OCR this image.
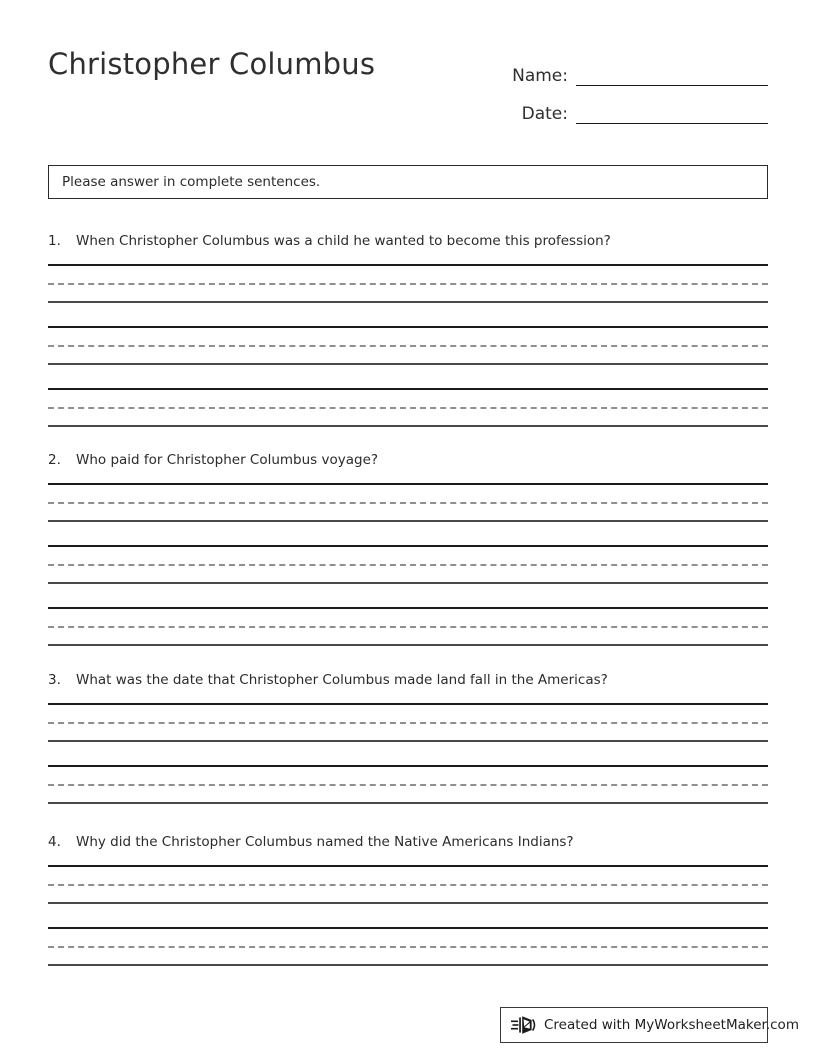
Christopher Columbus	Name:
Date:
Please answer in complete sentences.
1.	When Christopher Columbus was a child he wanted to become this profession?
2.	Who paid for Christopher Columbus voyage?
3.	What was the date that Christopher Columbus made land fall in the Americas?
4.	Why did the Christopher Columbus named the Native Americans Indians?
Created with MyWorksheetMaker.com
